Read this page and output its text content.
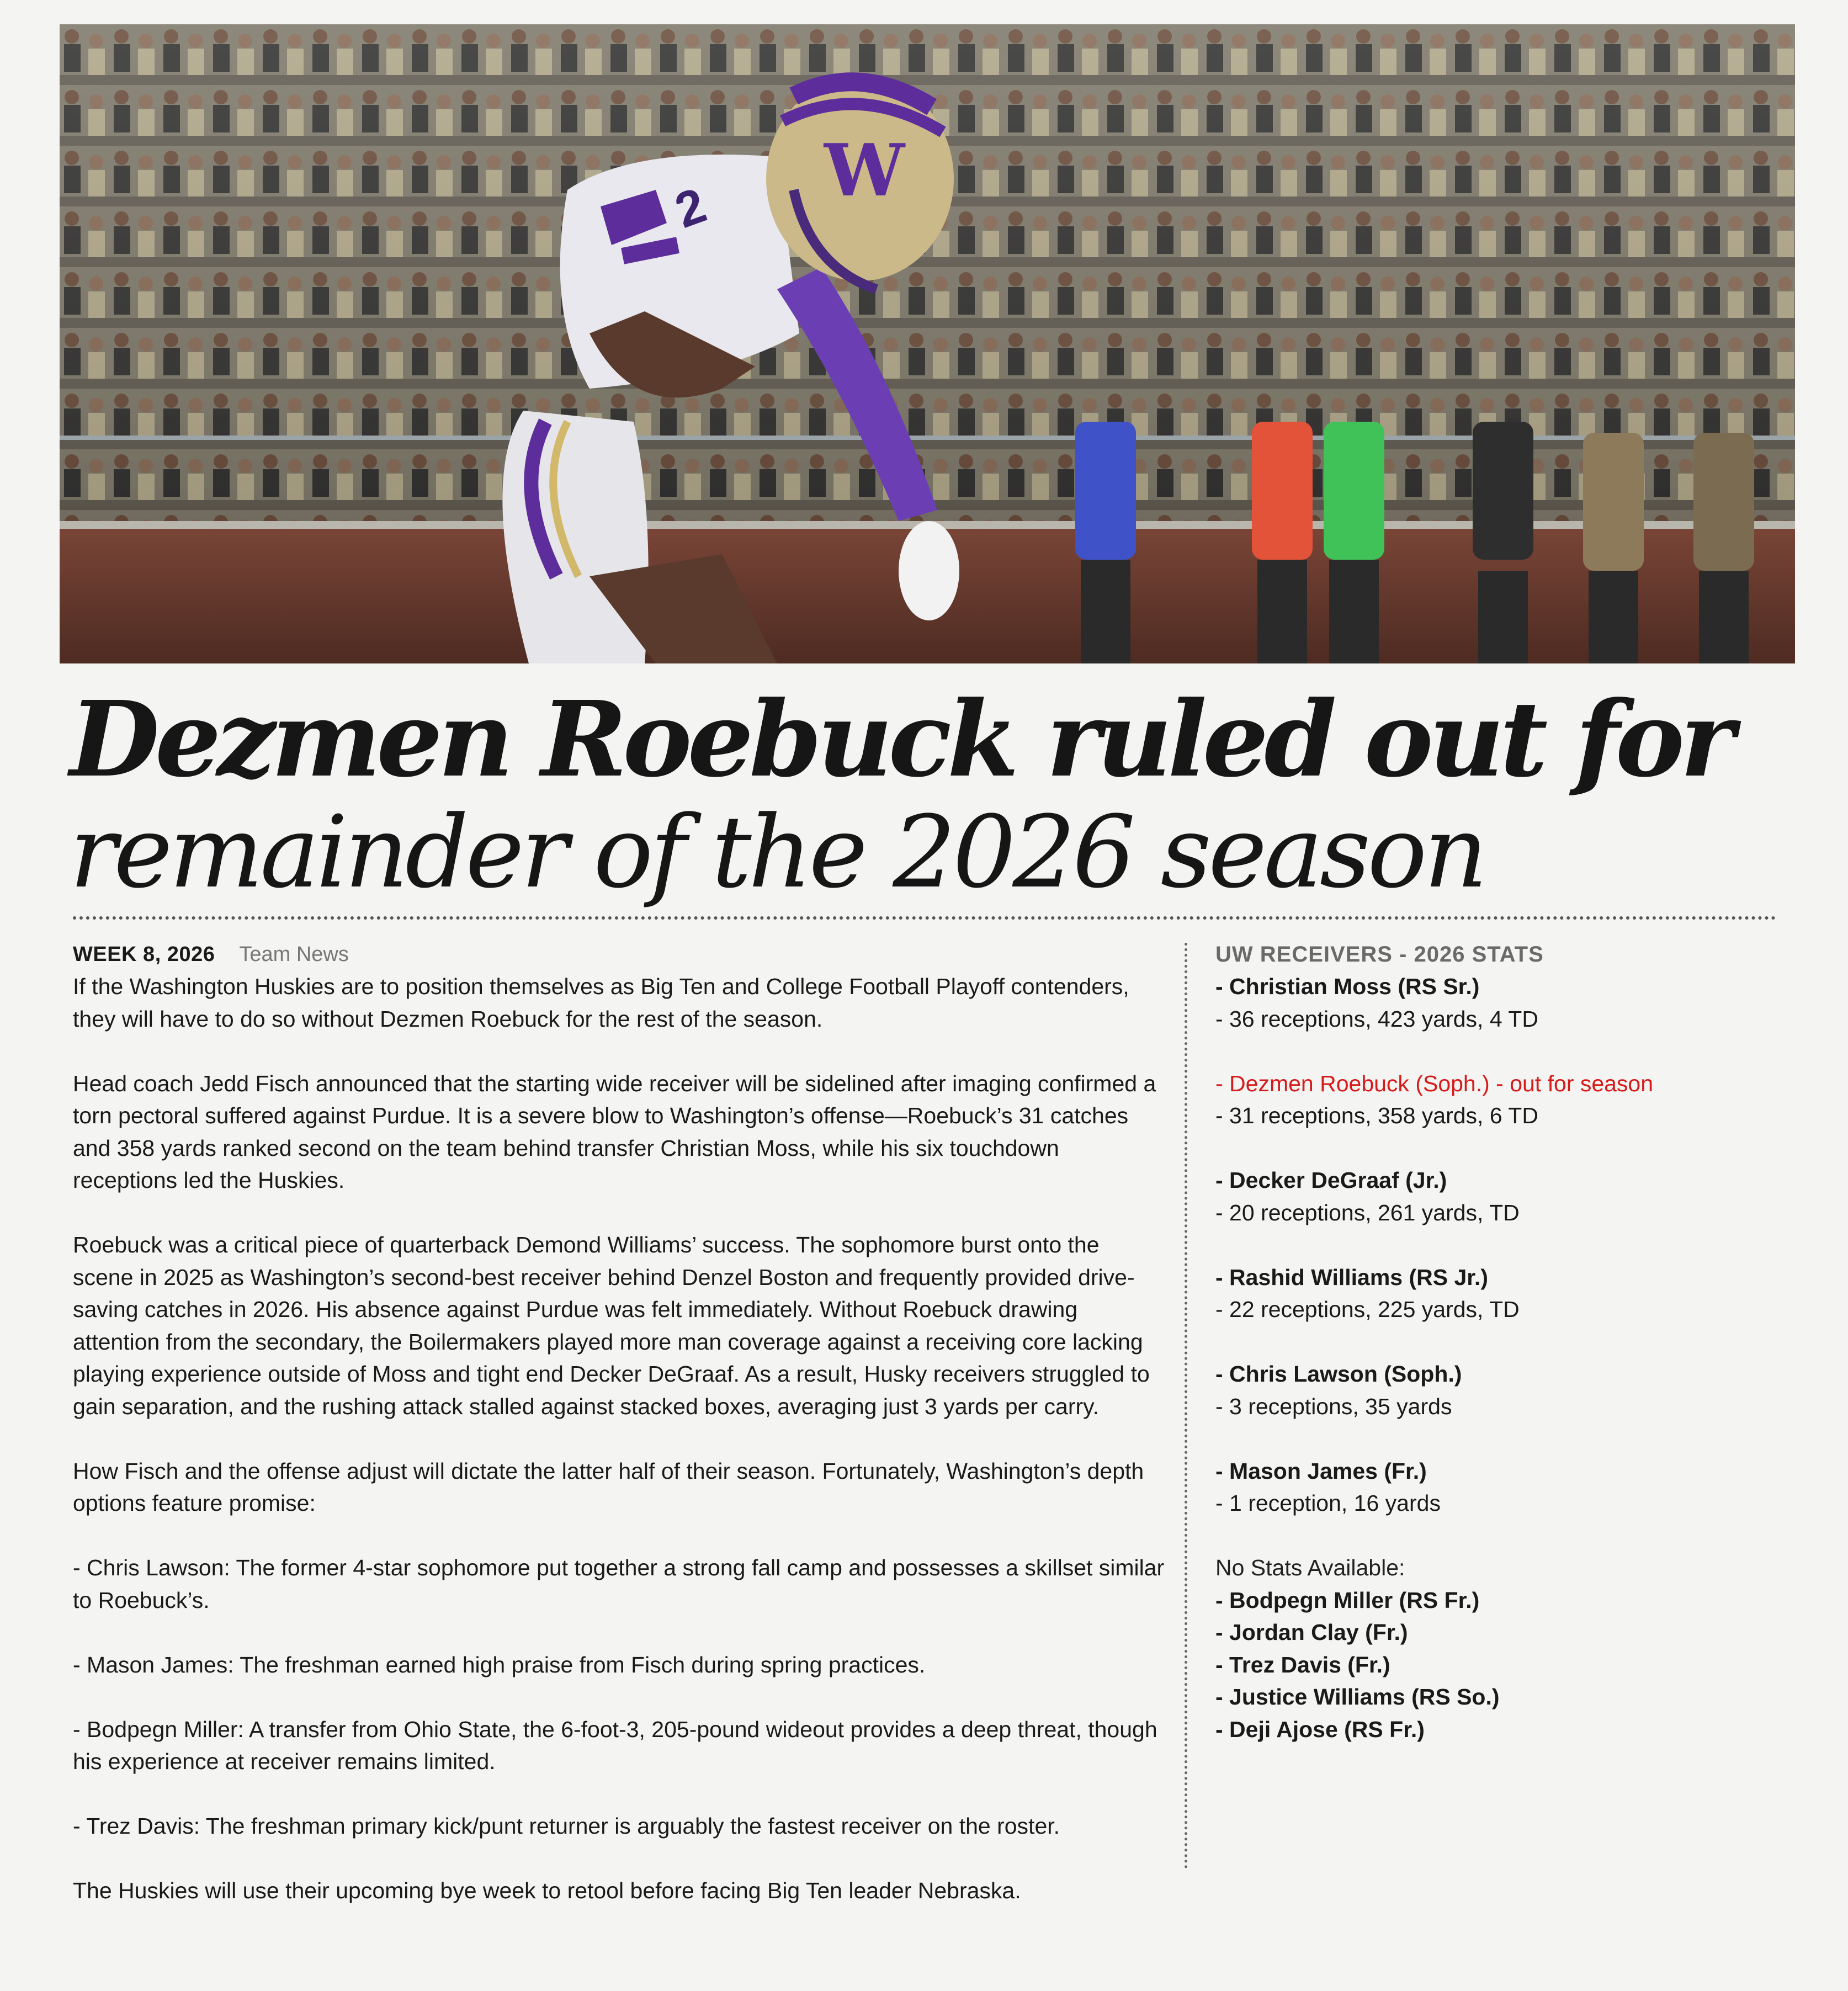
W
2
Dezmen Roebuck ruled out for
remainder of the 2026 season
WEEK 8, 2026 Team News

If the Washington Huskies are to position themselves as Big Ten and College Football Playoff contenders, they will have to do so without Dezmen Roebuck for the rest of the season.

Head coach Jedd Fisch announced that the starting wide receiver will be sidelined after imaging confirmed a torn pectoral suffered against Purdue. It is a severe blow to Washington’s offense—Roebuck’s 31 catches and 358 yards ranked second on the team behind transfer Christian Moss, while his six touchdown receptions led the Huskies.

Roebuck was a critical piece of quarterback Demond Williams’ success. The sophomore burst onto the scene in 2025 as Washington’s second-best receiver behind Denzel Boston and frequently provided drive-saving catches in 2026. His absence against Purdue was felt immediately. Without Roebuck drawing attention from the secondary, the Boilermakers played more man coverage against a receiving core lacking playing experience outside of Moss and tight end Decker DeGraaf. As a result, Husky receivers struggled to gain separation, and the rushing attack stalled against stacked boxes, averaging just 3 yards per carry.

How Fisch and the offense adjust will dictate the latter half of their season. Fortunately, Washington’s depth options feature promise:

- Chris Lawson: The former 4-star sophomore put together a strong fall camp and possesses a skillset similar to Roebuck’s.

- Mason James: The freshman earned high praise from Fisch during spring practices.

- Bodpegn Miller: A transfer from Ohio State, the 6-foot-3, 205-pound wideout provides a deep threat, though his experience at receiver remains limited.

- Trez Davis: The freshman primary kick/punt returner is arguably the fastest receiver on the roster.

The Huskies will use their upcoming bye week to retool before facing Big Ten leader Nebraska.

UW RECEIVERS - 2026 STATS
- Christian Moss (RS Sr.)
- 36 receptions, 423 yards, 4 TD
- Dezmen Roebuck (Soph.) - out for season
- 31 receptions, 358 yards, 6 TD
- Decker DeGraaf (Jr.)
- 20 receptions, 261 yards, TD
- Rashid Williams (RS Jr.)
- 22 receptions, 225 yards, TD
- Chris Lawson (Soph.)
- 3 receptions, 35 yards
- Mason James (Fr.)
- 1 reception, 16 yards
No Stats Available:
- Bodpegn Miller (RS Fr.)
- Jordan Clay (Fr.)
- Trez Davis (Fr.)
- Justice Williams (RS So.)
- Deji Ajose (RS Fr.)
